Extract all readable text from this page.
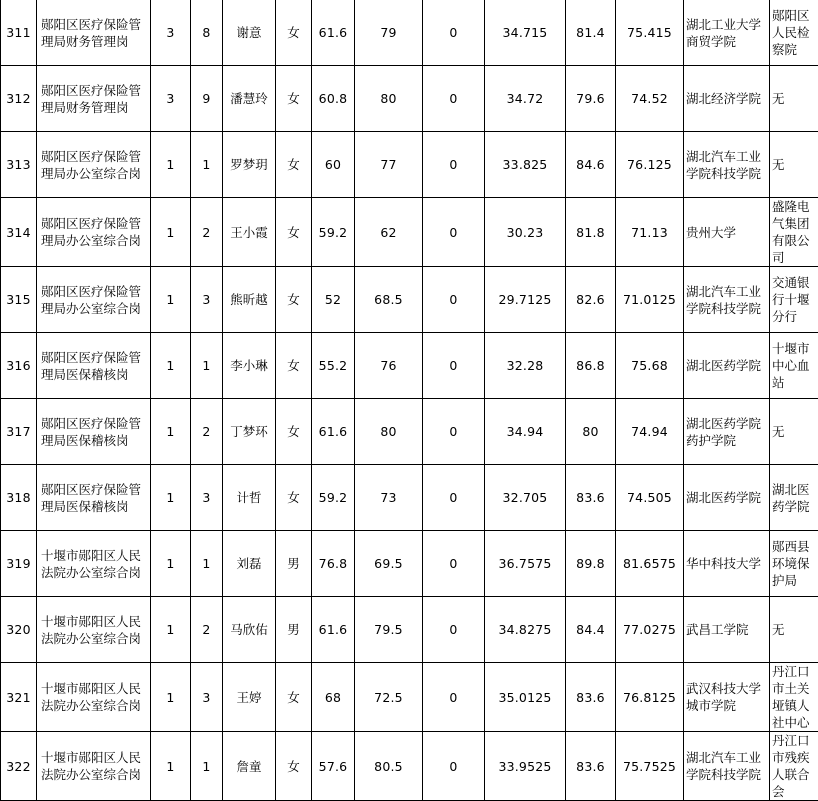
311	郧阳区医疗保险管理局财务管理岗	3	8	谢意	女	61.6	79	0	34.715	81.4	75.415	湖北工业大学商贸学院	郧阳区人民检察院
312	郧阳区医疗保险管理局财务管理岗	3	9	潘慧玲	女	60.8	80	0	34.72	79.6	74.52	湖北经济学院	无
313	郧阳区医疗保险管理局办公室综合岗	1	1	罗梦玥	女	60	77	0	33.825	84.6	76.125	湖北汽车工业学院科技学院	无
314	郧阳区医疗保险管理局办公室综合岗	1	2	王小霞	女	59.2	62	0	30.23	81.8	71.13	贵州大学	盛隆电气集团有限公司
315	郧阳区医疗保险管理局办公室综合岗	1	3	熊昕越	女	52	68.5	0	29.7125	82.6	71.0125	湖北汽车工业学院科技学院	交通银行十堰分行
316	郧阳区医疗保险管理局医保稽核岗	1	1	李小琳	女	55.2	76	0	32.28	86.8	75.68	湖北医药学院	十堰市中心血站
317	郧阳区医疗保险管理局医保稽核岗	1	2	丁梦环	女	61.6	80	0	34.94	80	74.94	湖北医药学院药护学院	无
318	郧阳区医疗保险管理局医保稽核岗	1	3	计哲	女	59.2	73	0	32.705	83.6	74.505	湖北医药学院	湖北医药学院
319	十堰市郧阳区人民法院办公室综合岗	1	1	刘磊	男	76.8	69.5	0	36.7575	89.8	81.6575	华中科技大学	郧西县环境保护局
320	十堰市郧阳区人民法院办公室综合岗	1	2	马欣佑	男	61.6	79.5	0	34.8275	84.4	77.0275	武昌工学院	无
321	十堰市郧阳区人民法院办公室综合岗	1	3	王婷	女	68	72.5	0	35.0125	83.6	76.8125	武汉科技大学城市学院	丹江口市土关垭镇人社中心
322	十堰市郧阳区人民法院办公室综合岗	1	1	詹童	女	57.6	80.5	0	33.9525	83.6	75.7525	湖北汽车工业学院科技学院	丹江口市残疾人联合会
